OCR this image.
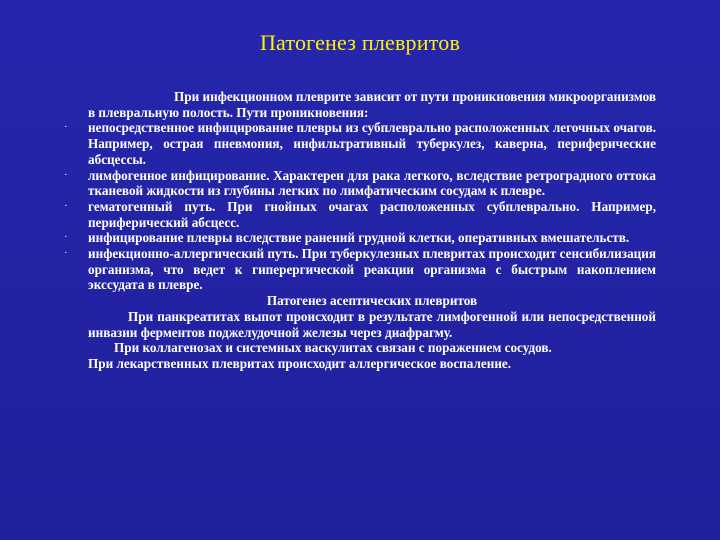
Патогенез плевритов

При инфекционном плеврите зависит от пути проникновения микроорганизмов в плевральную полость. Пути проникновения:

·	непосредственное инфицирование плевры из субплеврально расположенных легочных очагов. Например, острая пневмония, инфильтративный туберкулез, каверна, периферические абсцессы.
·	лимфогенное инфицирование. Характерен для рака легкого, вследствие ретроградного оттока тканевой жидкости из глубины легких по лимфатическим сосудам к плевре.
·	гематогенный путь. При гнойных очагах расположенных субплеврально. Например, периферический абсцесс.
·	инфицирование плевры вследствие ранений грудной клетки, оперативных вмешательств.
·	инфекционно-аллергический путь. При туберкулезных плевритах происходит сенсибилизация организма, что ведет к гиперергической реакции организма с быстрым накоплением экссудата в плевре.

Патогенез асептических плевритов

При панкреатитах выпот происходит в результате лимфогенной или непосредственной инвазии ферментов поджелудочной железы через диафрагму.

При коллагенозах и системных васкулитах связан с поражением сосудов.

При лекарственных плевритах происходит аллергическое воспаление.
